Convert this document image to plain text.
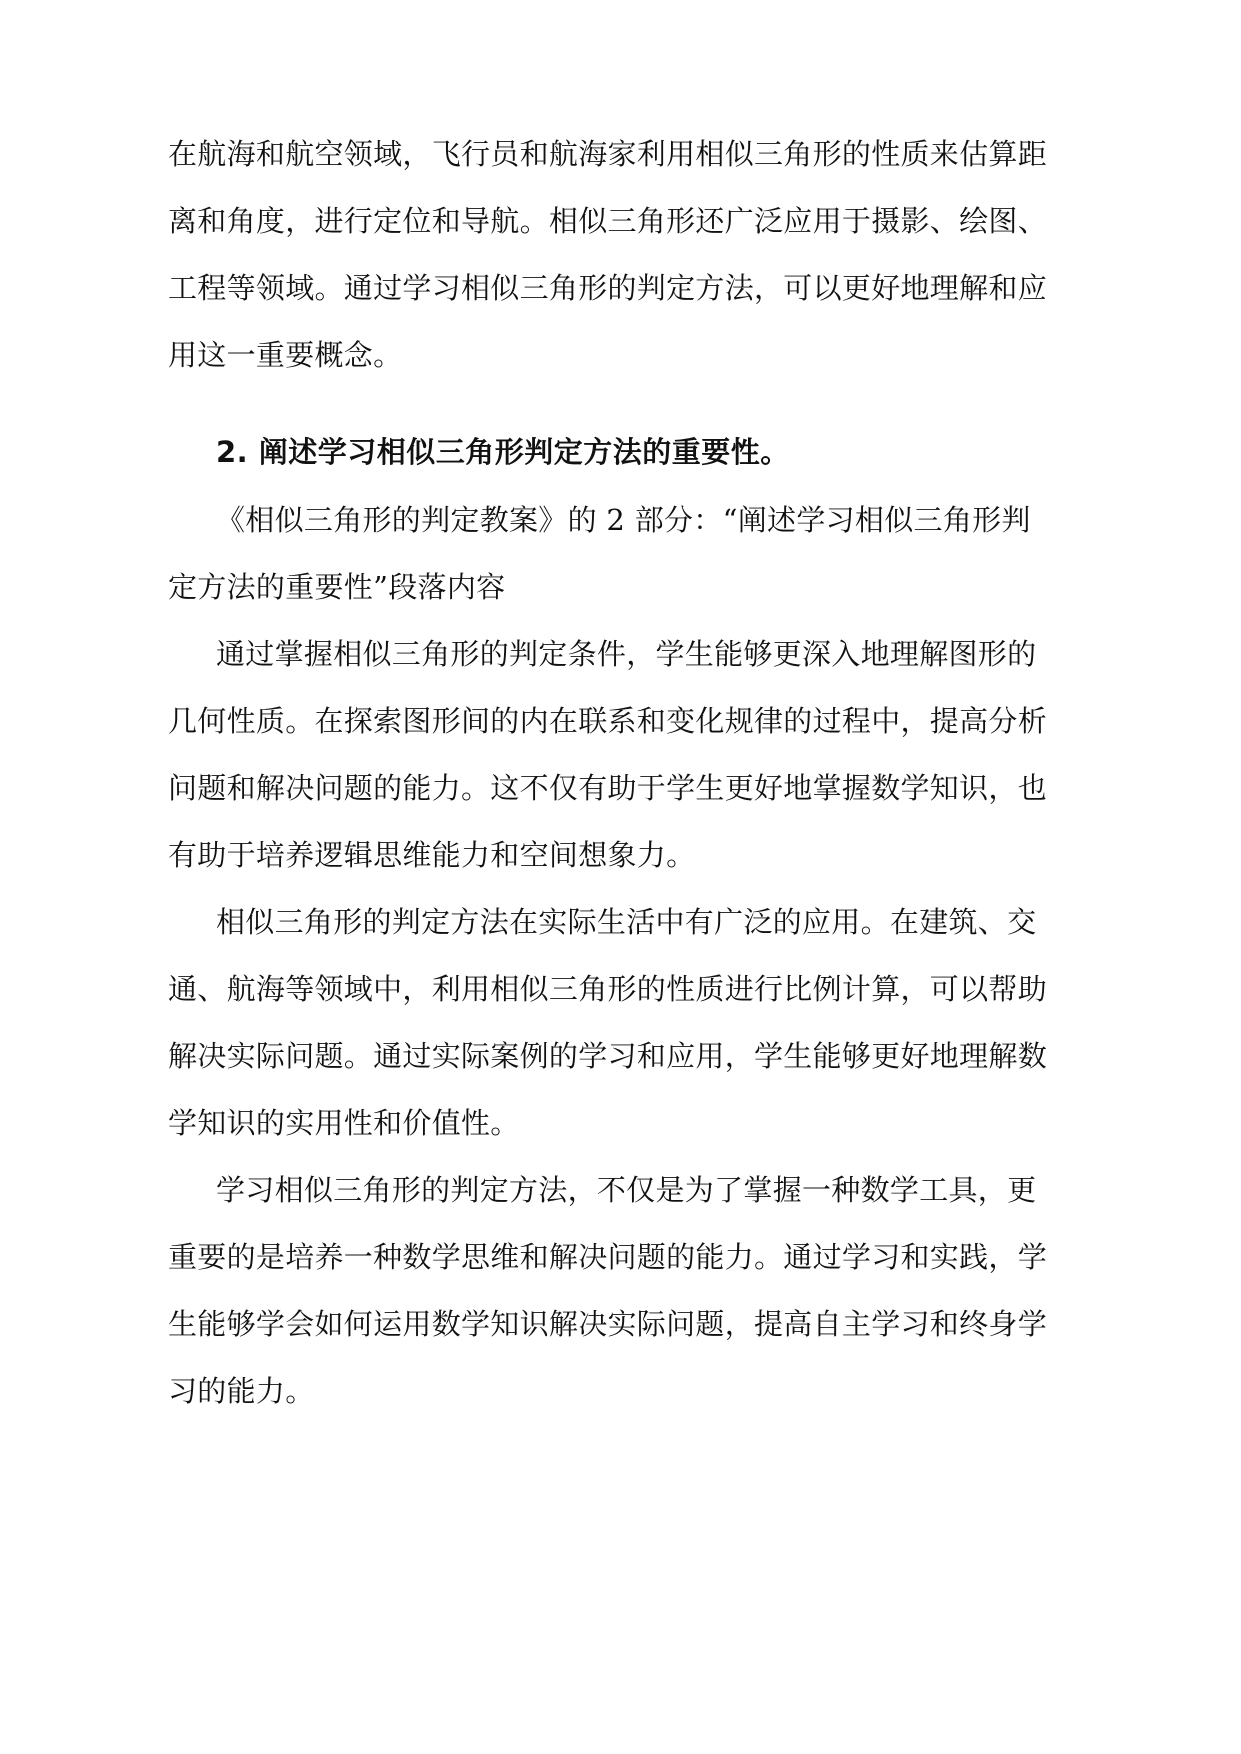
在航海和航空领域，飞行员和航海家利用相似三角形的性质来估算距
离和角度，进行定位和导航。相似三角形还广泛应用于摄影、绘图、
工程等领域。通过学习相似三角形的判定方法，可以更好地理解和应
用这一重要概念。
2. 阐述学习相似三角形判定方法的重要性。
《相似三角形的判定教案》的 2 部分：“阐述学习相似三角形判
定方法的重要性”段落内容
通过掌握相似三角形的判定条件，学生能够更深入地理解图形的
几何性质。在探索图形间的内在联系和变化规律的过程中，提高分析
问题和解决问题的能力。这不仅有助于学生更好地掌握数学知识，也
有助于培养逻辑思维能力和空间想象力。
相似三角形的判定方法在实际生活中有广泛的应用。在建筑、交
通、航海等领域中，利用相似三角形的性质进行比例计算，可以帮助
解决实际问题。通过实际案例的学习和应用，学生能够更好地理解数
学知识的实用性和价值性。
学习相似三角形的判定方法，不仅是为了掌握一种数学工具，更
重要的是培养一种数学思维和解决问题的能力。通过学习和实践，学
生能够学会如何运用数学知识解决实际问题，提高自主学习和终身学
习的能力。
